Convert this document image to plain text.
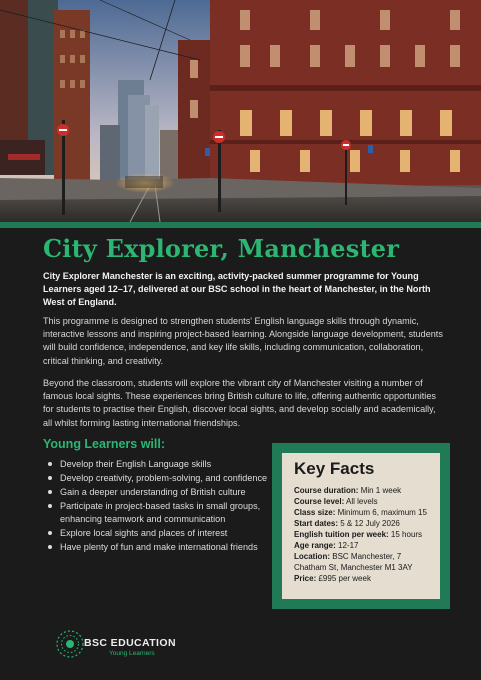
City Explorer, Manchester

City Explorer Manchester is an exciting, activity-packed summer programme for Young Learners aged 12–17, delivered at our BSC school in the heart of Manchester, in the North West of England.

This programme is designed to strengthen students' English language skills through dynamic, interactive lessons and inspiring project-based learning. Alongside language development, students will build confidence, independence, and key life skills, including communication, collaboration, critical thinking, and creativity.

Beyond the classroom, students will explore the vibrant city of Manchester visiting a number of famous local sights. These experiences bring British culture to life, offering authentic opportunities for students to practise their English, discover local sights, and develop socially and academically, all whilst forming lasting international friendships.

Young Learners will:
Develop their English Language skills
Develop creativity, problem-solving, and confidence
Gain a deeper understanding of British culture
Participate in project-based tasks in small groups, enhancing teamwork and communication
Explore local sights and places of interest
Have plenty of fun and make international friends
Key Facts

Course duration: Min 1 week

Course level: All levels

Class size: Minimum 6, maximum 15

Start dates: 5 & 12 July 2026

English tuition per week: 15 hours

Age range: 12-17

Location: BSC Manchester, 7 Chatham St, Manchester M1 3AY

Price: £995 per week

BSC EDUCATION
Young Learners
